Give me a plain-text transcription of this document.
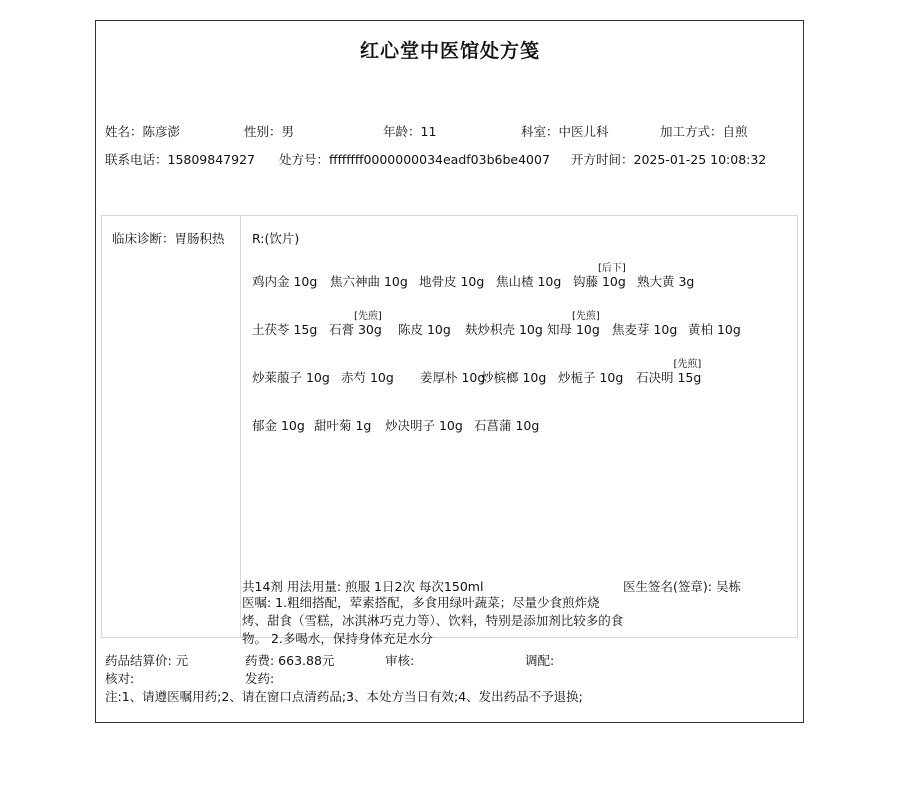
红心堂中医馆处方笺
姓名：陈彦澎	性别：男	年龄：11	科室：中医儿科	加工方式：自煎
联系电话：15809847927 处方号：ffffffff0000000034eadf03b6be4007 开方时间：2025-01-25 10:08:32
临床诊断：胃肠积热 R:(饮片)
鸡内金 10g 焦六神曲 10g 地骨皮 10g 焦山楂 10g 钩藤 10g
[后下]
熟大黄 3g
土茯苓 15g 石膏 30g
[先煎]
陈皮 10g 麸炒枳壳 10g 知母 10g
[先煎]
焦麦芽 10g 黄柏 10g
炒莱菔子 10g 赤芍 10g 姜厚朴 10g
炒槟榔 10g 炒栀子 10g 石决明 15g
[先煎]
郁金 10g 甜叶菊 1g 炒决明子 10g 石菖蒲 10g
共14剂 用法用量: 煎服 1日2次 每次150ml	医生签名(签章): 吴栋
医嘱: 1.粗细搭配，荤素搭配，多食用绿叶蔬菜；尽量少食煎炸烧烤、甜食（雪糕，冰淇淋巧克力等）、饮料，特别是添加剂比较多的食物。 2.多喝水，保持身体充足水分
药品结算价: 元	药费: 663.88元	审核:	调配:
核对:	发药:
注:1、请遵医嘱用药;2、请在窗口点清药品;3、本处方当日有效;4、发出药品不予退换;
